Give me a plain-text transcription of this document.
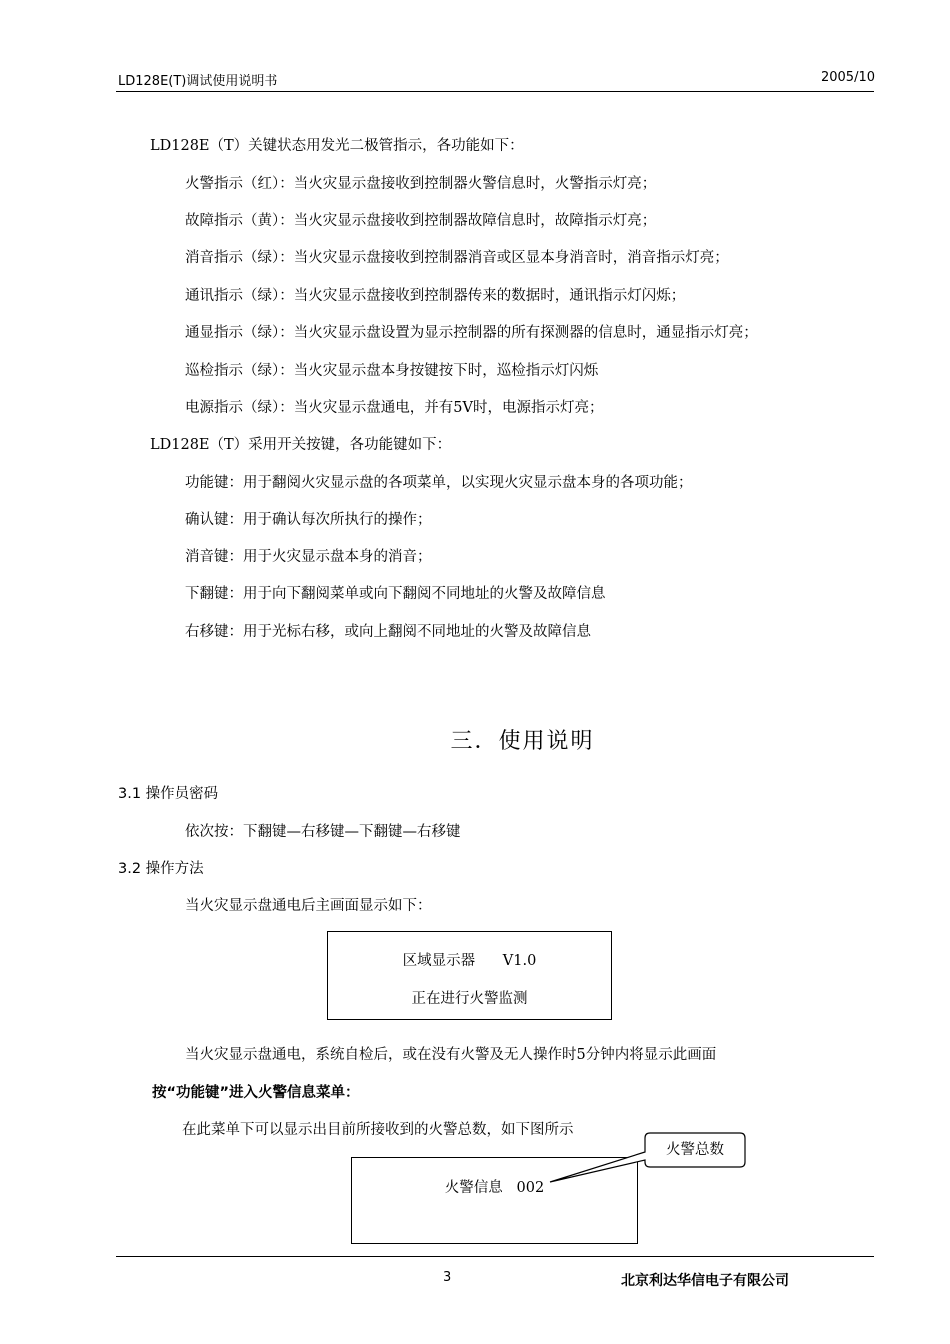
LD128E(T)调试使用说明书	2005/10
LD128E（T）关键状态用发光二极管指示，各功能如下：
火警指示（红）：当火灾显示盘接收到控制器火警信息时，火警指示灯亮；
故障指示（黄）：当火灾显示盘接收到控制器故障信息时，故障指示灯亮；
消音指示（绿）：当火灾显示盘接收到控制器消音或区显本身消音时，消音指示灯亮；
通讯指示（绿）：当火灾显示盘接收到控制器传来的数据时，通讯指示灯闪烁；
通显指示（绿）：当火灾显示盘设置为显示控制器的所有探测器的信息时，通显指示灯亮；
巡检指示（绿）：当火灾显示盘本身按键按下时，巡检指示灯闪烁
电源指示（绿）：当火灾显示盘通电，并有5V时，电源指示灯亮；
LD128E（T）采用开关按键，各功能键如下：
功能键：用于翻阅火灾显示盘的各项菜单，以实现火灾显示盘本身的各项功能；
确认键：用于确认每次所执行的操作；
消音键：用于火灾显示盘本身的消音；
下翻键：用于向下翻阅菜单或向下翻阅不同地址的火警及故障信息
右移键：用于光标右移，或向上翻阅不同地址的火警及故障信息
三．使用说明
3.1 操作员密码
依次按：下翻键—右移键—下翻键—右移键
3.2 操作方法
当火灾显示盘通电后主画面显示如下：
区域显示器      V1.0
正在进行火警监测
当火灾显示盘通电，系统自检后，或在没有火警及无人操作时5分钟内将显示此画面
按“功能键”进入火警信息菜单：
在此菜单下可以显示出目前所接收到的火警总数，如下图所示
火警信息   002
火警总数
3	北京利达华信电子有限公司
